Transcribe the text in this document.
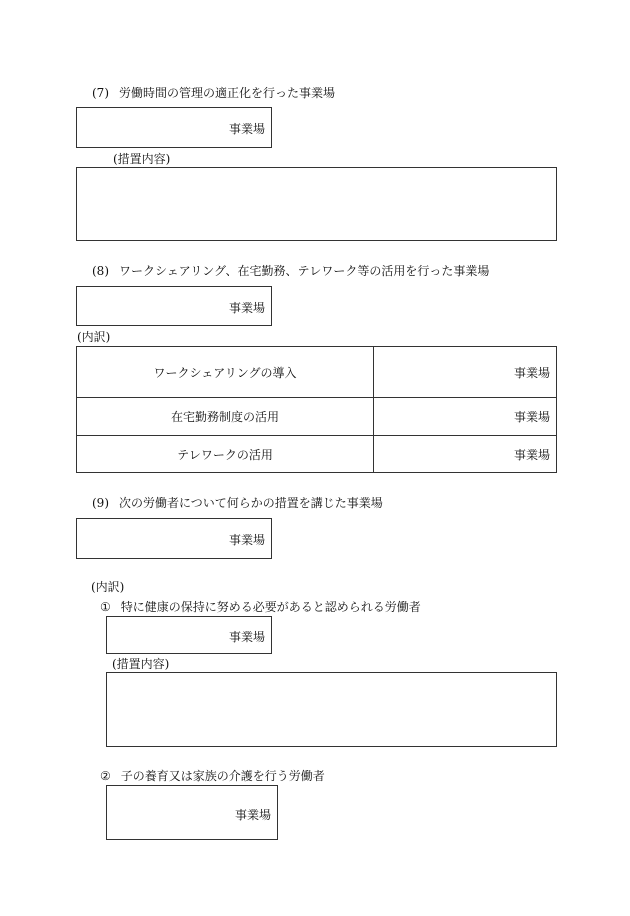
(7) 労働時間の管理の適正化を行った事業場
事業場
(措置内容)
(8) ワークシェアリング、在宅勤務、テレワーク等の活用を行った事業場
事業場
(内訳)
ワークシェアリングの導入	事業場
在宅勤務制度の活用	事業場
テレワークの活用	事業場
(9) 次の労働者について何らかの措置を講じた事業場
事業場
(内訳)
① 特に健康の保持に努める必要があると認められる労働者
事業場
(措置内容)
② 子の養育又は家族の介護を行う労働者
事業場
